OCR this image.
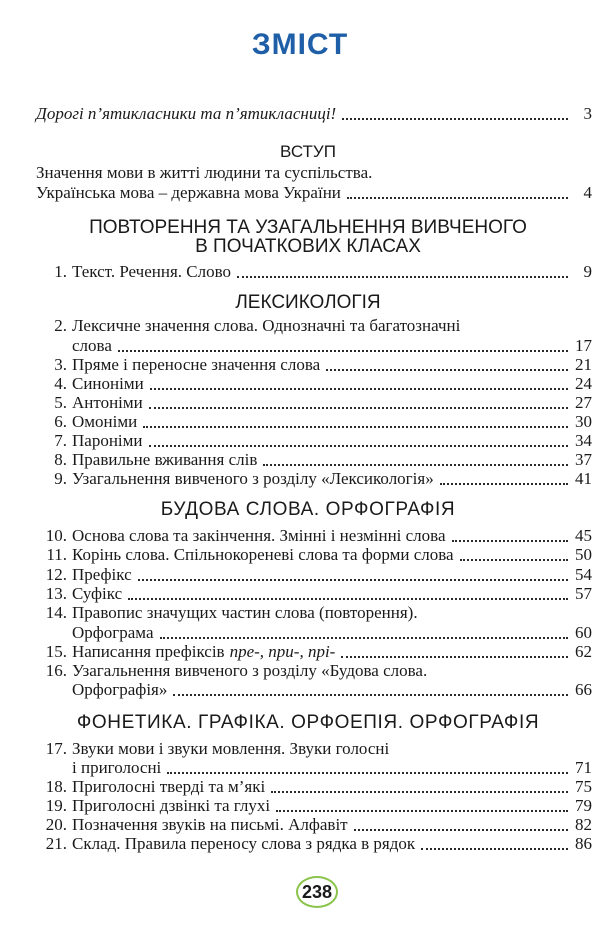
ЗМІСТ
Дорогі п’ятикласники та п’ятикласниці!	3
ВСТУП
Значення мови в житті людини та суспільства.
Українська мова – державна мова України	4
ПОВТОРЕННЯ ТА УЗАГАЛЬНЕННЯ ВИВЧЕНОГО
В ПОЧАТКОВИХ КЛАСАХ
1. Текст. Речення. Слово	9
ЛЕКСИКОЛОГІЯ
2. Лексичне значення слова. Однозначні та багатозначні
слова	17
3. Пряме і переносне значення слова	21
4. Синоніми	24
5. Антоніми	27
6. Омоніми	30
7. Пароніми	34
8. Правильне вживання слів	37
9. Узагальнення вивченого з розділу «Лексикологія»	41
БУДОВА СЛОВА. ОРФОГРАФІЯ
10. Основа слова та закінчення. Змінні і незмінні слова	45
11. Корінь слова. Спільнокореневі слова та форми слова	50
12. Префікс	54
13. Суфікс	57
14. Правопис значущих частин слова (повторення).
Орфограма	60
15. Написання префіксів пре-, при-, прі-	62
16. Узагальнення вивченого з розділу «Будова слова.
Орфографія»	66
ФОНЕТИКА. ГРАФІКА. ОРФОЕПІЯ. ОРФОГРАФІЯ
17. Звуки мови і звуки мовлення. Звуки голосні
і приголосні	71
18. Приголосні тверді та м’які	75
19. Приголосні дзвінкі та глухі	79
20. Позначення звуків на письмі. Алфавіт	82
21. Склад. Правила переносу слова з рядка в рядок	86
238
